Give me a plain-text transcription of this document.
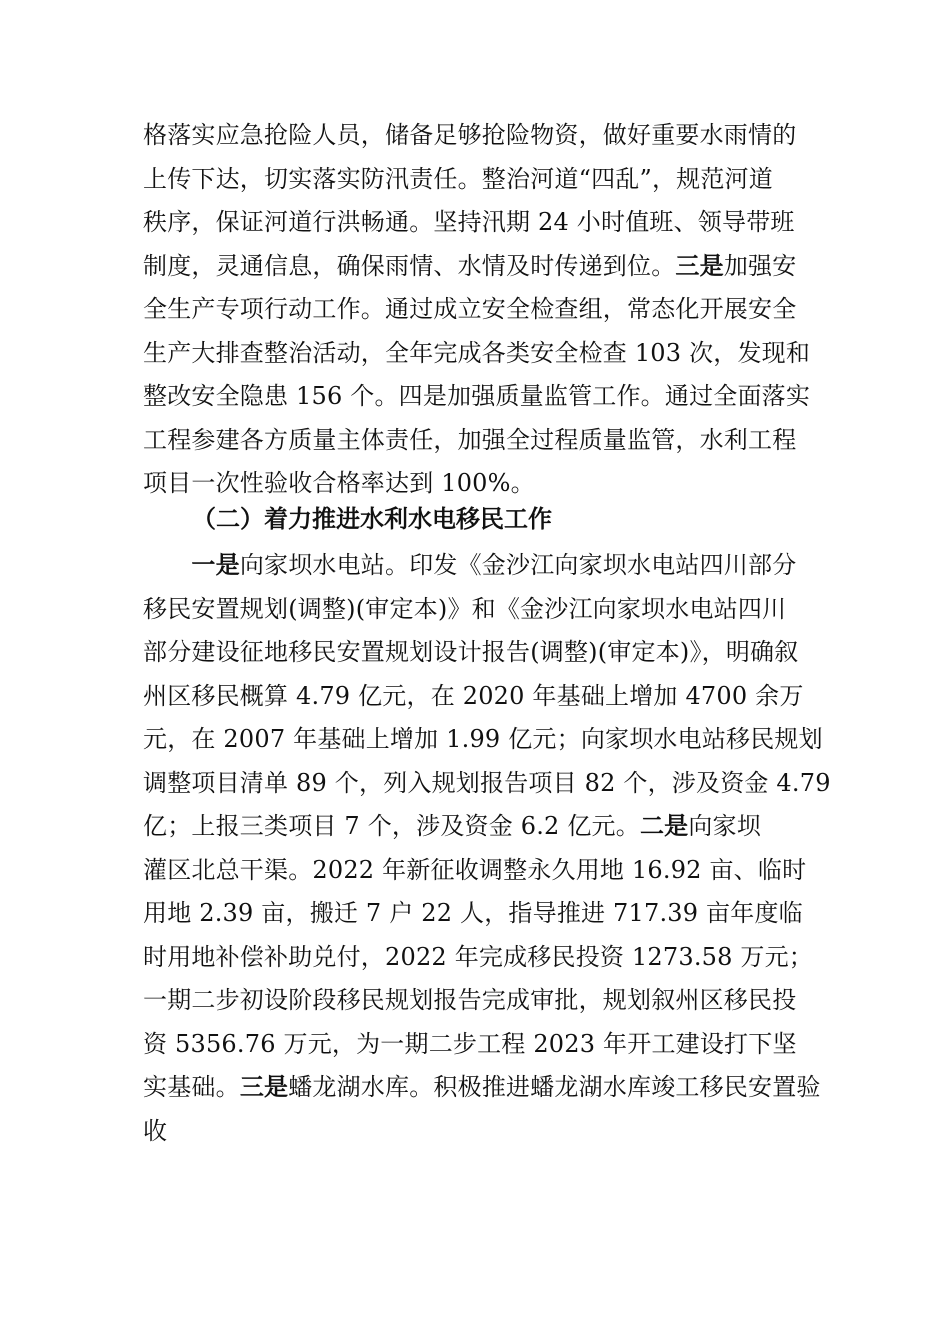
格落实应急抢险人员，储备足够抢险物资，做好重要水雨情的
上传下达，切实落实防汛责任。整治河道“四乱”，规范河道
秩序，保证河道行洪畅通。坚持汛期 24 小时值班、领导带班
制度，灵通信息，确保雨情、水情及时传递到位。三是加强安
全生产专项行动工作。通过成立安全检查组，常态化开展安全
生产大排查整治活动，全年完成各类安全检查 103 次，发现和
整改安全隐患 156 个。四是加强质量监管工作。通过全面落实
工程参建各方质量主体责任，加强全过程质量监管，水利工程
项目一次性验收合格率达到 100%。
（二）着力推进水利水电移民工作
　　一是向家坝水电站。印发《金沙江向家坝水电站四川部分
移民安置规划(调整)(审定本)》和《金沙江向家坝水电站四川
部分建设征地移民安置规划设计报告(调整)(审定本)》，明确叙
州区移民概算 4.79 亿元，在 2020 年基础上增加 4700 余万
元，在 2007 年基础上增加 1.99 亿元；向家坝水电站移民规划
调整项目清单 89 个，列入规划报告项目 82 个，涉及资金 4.79
亿；上报三类项目 7 个，涉及资金 6.2 亿元。二是向家坝
灌区北总干渠。2022 年新征收调整永久用地 16.92 亩、临时
用地 2.39 亩，搬迁 7 户 22 人，指导推进 717.39 亩年度临
时用地补偿补助兑付，2022 年完成移民投资 1273.58 万元；
一期二步初设阶段移民规划报告完成审批，规划叙州区移民投
资 5356.76 万元，为一期二步工程 2023 年开工建设打下坚
实基础。三是蟠龙湖水库。积极推进蟠龙湖水库竣工移民安置验
收
